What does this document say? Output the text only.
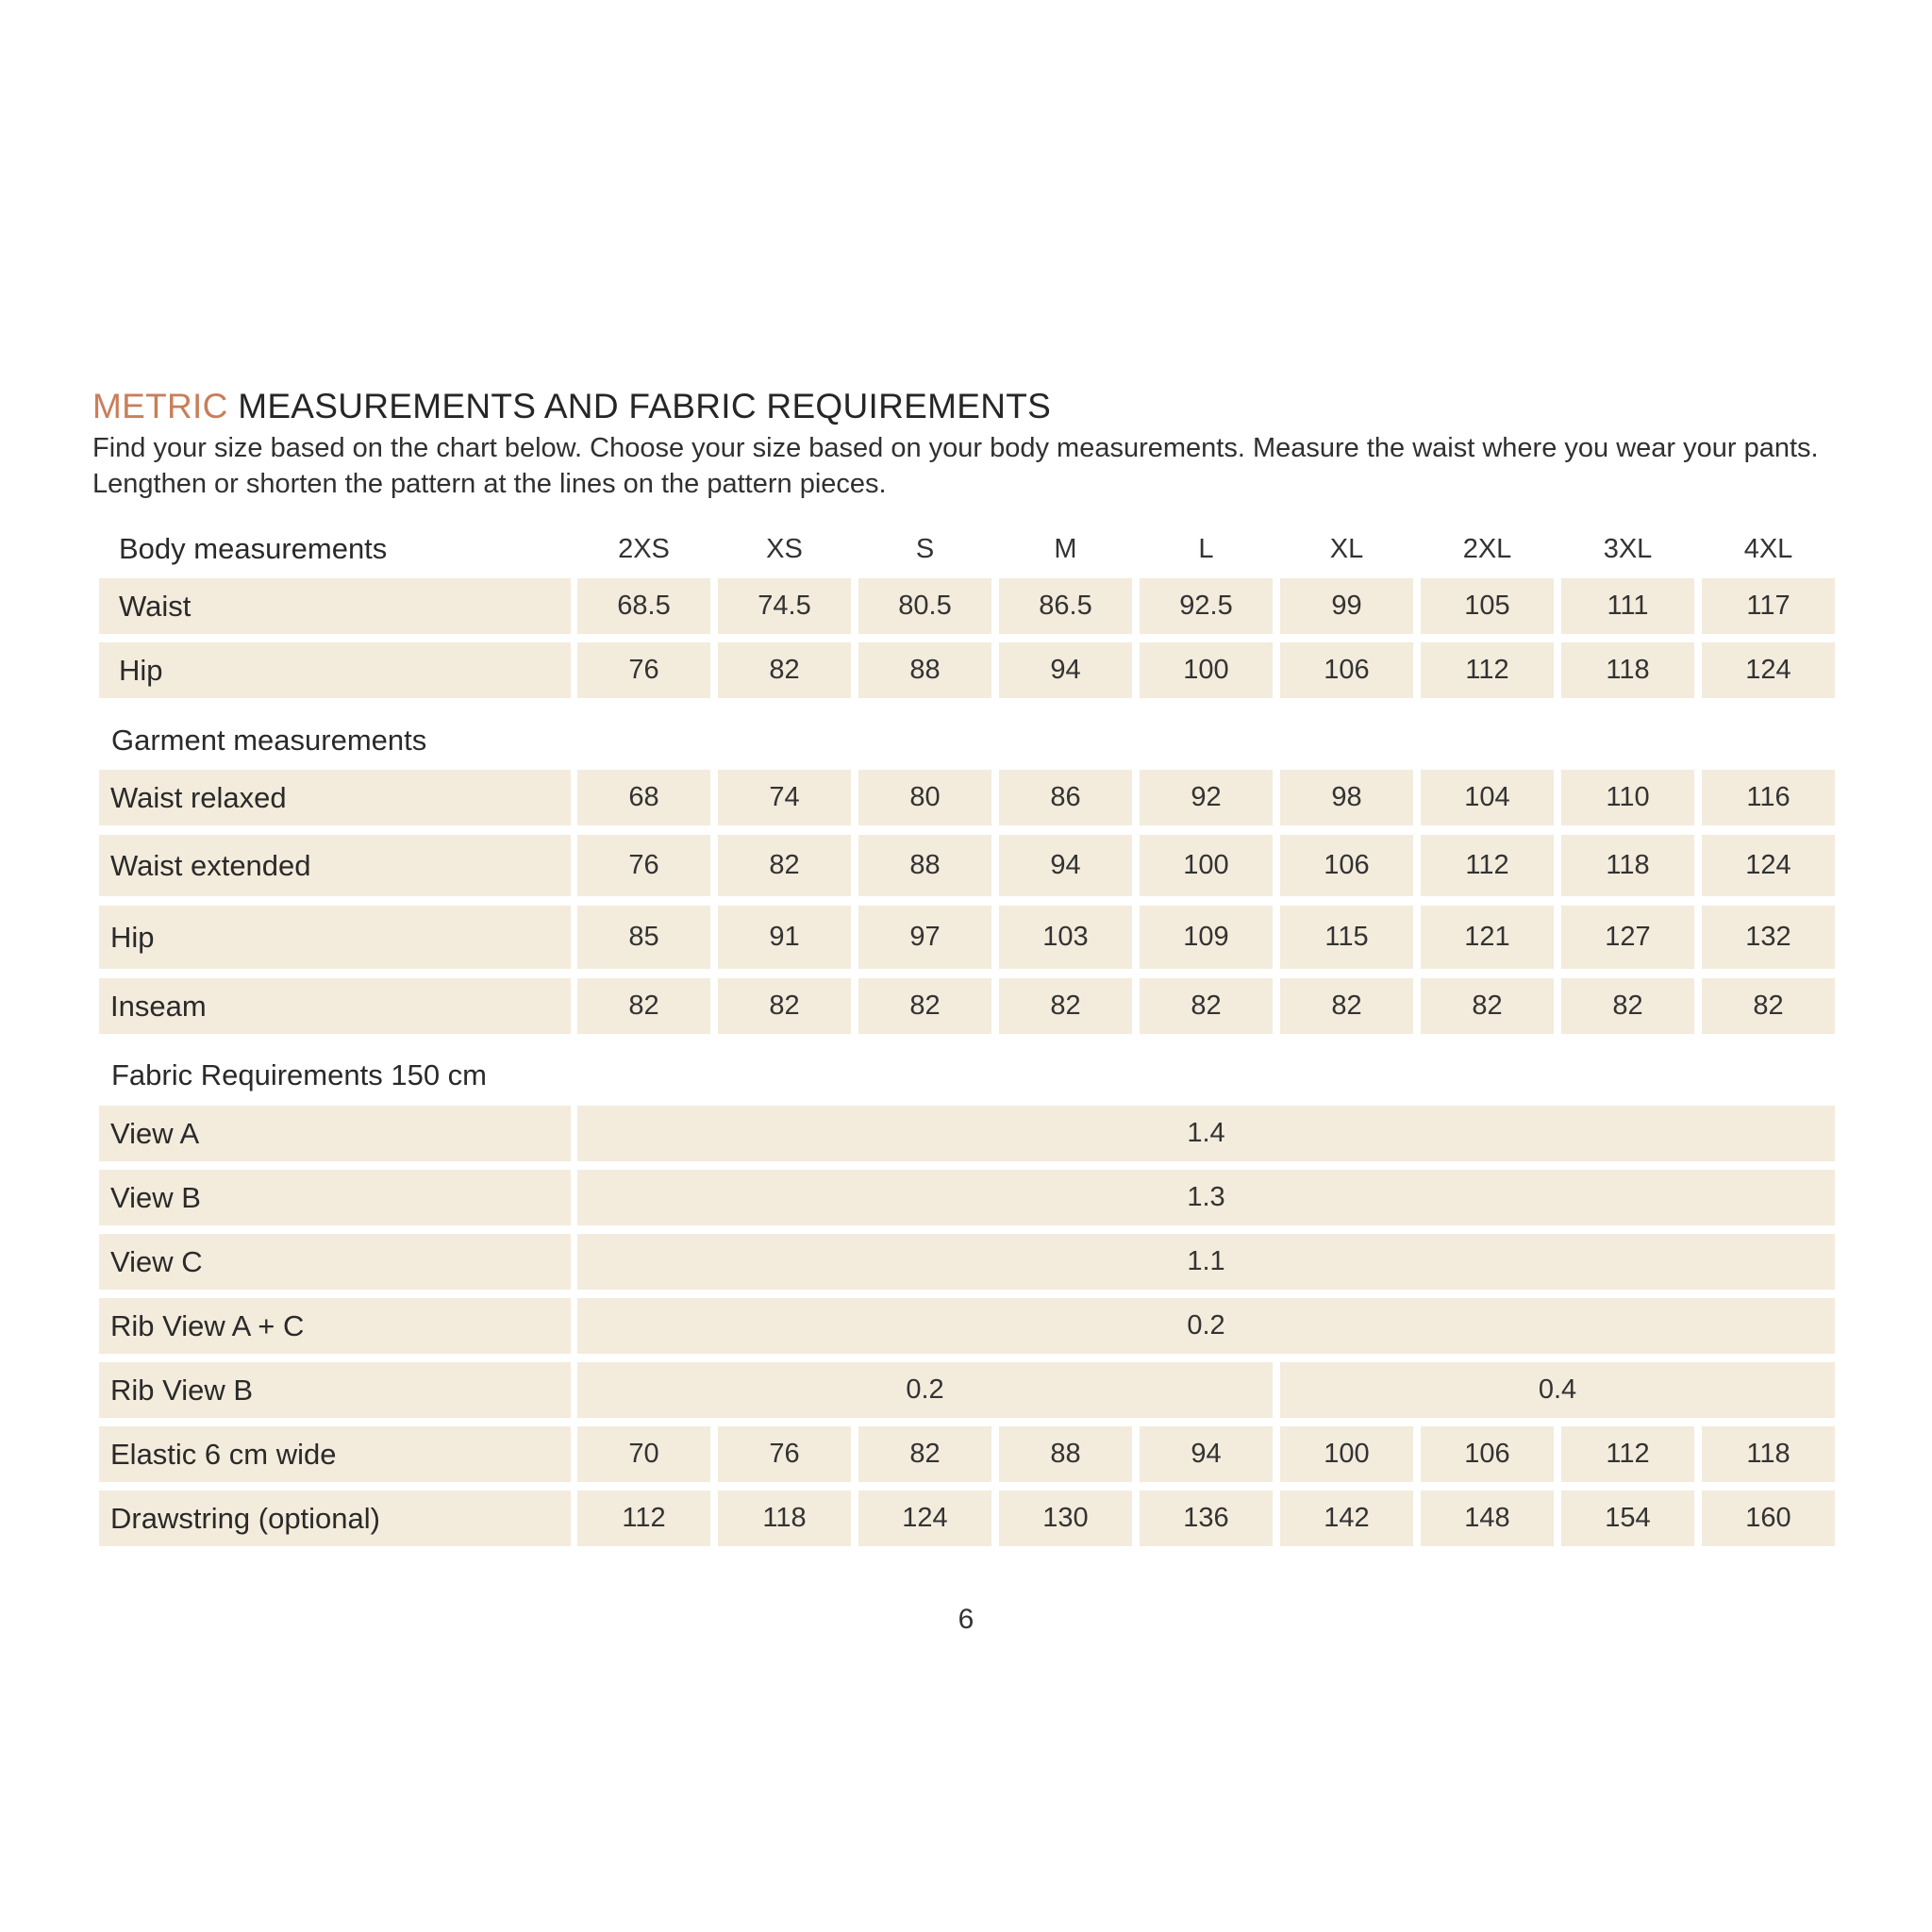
METRIC MEASUREMENTS AND FABRIC REQUIREMENTS

Find your size based on the chart below. Choose your size based on your body measurements. Measure the waist where you wear your pants. Lengthen or shorten the pattern at the lines on the pattern pieces.

Body measurements	2XS	XS	S	M	L	XL	2XL	3XL	4XL
Waist	68.5	74.5	80.5	86.5	92.5	99	105	111	117
Hip	76	82	88	94	100	106	112	118	124
Garment measurements
Waist relaxed	68	74	80	86	92	98	104	110	116
Waist extended	76	82	88	94	100	106	112	118	124
Hip	85	91	97	103	109	115	121	127	132
Inseam	82	82	82	82	82	82	82	82	82
Fabric Requirements 150 cm
View A	1.4
View B	1.3
View C	1.1
Rib View A + C	0.2
Rib View B	0.2	0.4
Elastic 6 cm wide	70	76	82	88	94	100	106	112	118
Drawstring (optional)	112	118	124	130	136	142	148	154	160
6
